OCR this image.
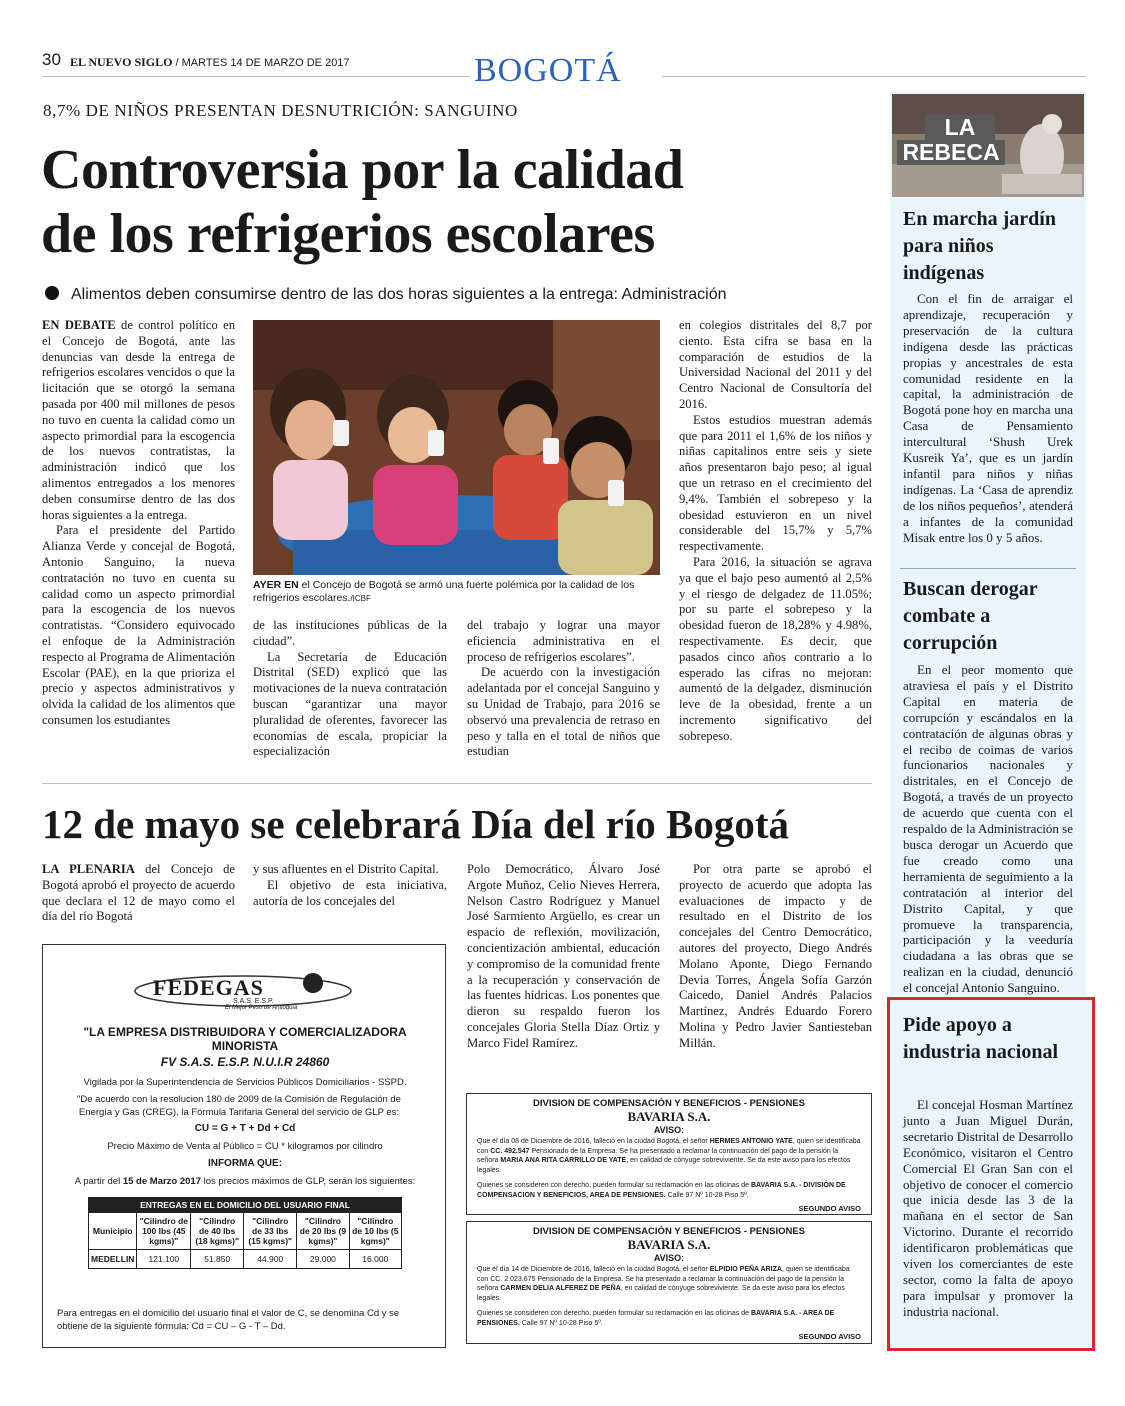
30 EL NUEVO SIGLO / MARTES 14 DE MARZO DE 2017	BOGOTÁ
8,7% DE NIÑOS PRESENTAN DESNUTRICIÓN: SANGUINO
Controversia por la calidad
de los refrigerios escolares
Alimentos deben consumirse dentro de las dos horas siguientes a la entrega: Administración

EN DEBATE de control político en el Concejo de Bogotá, ante las denuncias van desde la entrega de refrigerios escolares vencidos o que la licitación que se otorgó la semana pasada por 400 mil millones de pesos no tuvo en cuenta la calidad como un aspecto primordial para la escogencia de los nuevos contratistas, la administración indicó que los alimentos entregados a los menores deben consumirse dentro de las dos horas siguientes a la entrega.

Para el presidente del Partido Alianza Verde y concejal de Bogotá, Antonio Sanguino, la nueva contratación no tuvo en cuenta su calidad como un aspecto primordial para la escogencia de los nuevos contratistas. “Considero equivocado el enfoque de la Administración respecto al Programa de Alimentación Escolar (PAE), en la que prioriza el precio y aspectos administrativos y olvida la calidad de los alimentos que consumen los estudiantes

AYER EN el Concejo de Bogotá se armó una fuerte polémica por la calidad de los refrigerios escolares./ICBF

de las instituciones públicas de la ciudad”.

La Secretaría de Educación Distrital (SED) explicó que las motivaciones de la nueva contratación buscan “garantizar una mayor pluralidad de oferentes, favorecer las economías de escala, propiciar la especialización

del trabajo y lograr una mayor eficiencia administrativa en el proceso de refrigerios escolares”.

De acuerdo con la investigación adelantada por el concejal Sanguino y su Unidad de Trabajo, para 2016 se observó una prevalencia de retraso en peso y talla en el total de niños que estudian

en colegios distritales del 8,7 por ciento. Esta cifra se basa en la comparación de estudios de la Universidad Nacional del 2011 y del Centro Nacional de Consultoría del 2016.

Estos estudios muestran además que para 2011 el 1,6% de los niños y niñas capitalinos entre seis y siete años presentaron bajo peso; al igual que un retraso en el crecimiento del 9,4%. También el sobrepeso y la obesidad estuvieron en un nivel considerable del 15,7% y 5,7% respectivamente.

Para 2016, la situación se agrava ya que el bajo peso aumentó al 2,5% y el riesgo de delgadez de 11.05%; por su parte el sobrepeso y la obesidad fueron de 18,28% y 4.98%, respectivamente. Es decir, que pasados cinco años contrario a lo esperado las cifras no mejoran: aumentó de la delgadez, disminución leve de la obesidad, frente a un incremento significativo del sobrepeso.

12 de mayo se celebrará Día del río Bogotá

LA PLENARIA del Concejo de Bogotá aprobó el proyecto de acuerdo que declara el 12 de mayo como el día del río Bogotá

y sus afluentes en el Distrito Capital.

El objetivo de esta iniciativa, autoría de los concejales del

Polo Democrático, Álvaro José Argote Muñoz, Celio Nieves Herrera, Nelson Castro Rodríguez y Manuel José Sarmiento Argüello, es crear un espacio de reflexión, movilización, concientización ambiental, educación y compromiso de la comunidad frente a la recuperación y conservación de las fuentes hídricas. Los ponentes que dieron su respaldo fueron los concejales Gloria Stella Díaz Ortiz y Marco Fidel Ramírez.

Por otra parte se aprobó el proyecto de acuerdo que adopta las evaluaciones de impacto y de resultado en el Distrito de los concejales del Centro Democrático, autores del proyecto, Diego Andrés Molano Aponte, Diego Fernando Devia Torres, Ángela Sofía Garzón Caicedo, Daniel Andrés Palacios Martínez, Andrés Eduardo Forero Molina y Pedro Javier Santiesteban Millán.

FEDEGAS
S.A.S. E.S.P.
El Mejor Peso de Antioquia
"LA EMPRESA DISTRIBUIDORA Y COMERCIALIZADORA MINORISTA
FV S.A.S. E.S.P. N.U.I.R 24860
Vigilada por la Superintendencia de Servicios Públicos Domiciliarios - SSPD.
"De acuerdo con la resolucion 180 de 2009 de la Comisión de Regulación de Energía y Gas (CREG), la Fórmula Tarifaria General del servicio de GLP es:
CU = G + T + Dd + Cd
Precio Máximo de Venta al Público = CU * kilogramos por cilindro
INFORMA QUE:
A partir del 15 de Marzo 2017 los precios máximos de GLP, serán los siguientes:
ENTREGAS EN EL DOMICILIO DEL USUARIO FINAL					
Municipio	"Cilindro de 100 lbs (45 kgms)"	"Cilindro de 40 lbs (18 kgms)"	"Cilindro de 33 lbs (15 kgms)"	"Cilindro de 20 lbs (9 kgms)"	"Cilindro de 10 lbs (5 kgms)"
MEDELLIN	121.100	51.850	44.900	29.000	16.000
Para entregas en el domicilio del usuario final el valor de C, se denomina Cd y se obtiene de la siguiente fórmula: Cd = CU – G - T – Dd.
DIVISION DE COMPENSACIÓN Y BENEFICIOS - PENSIONES
BAVARIA S.A.
AVISO:
Que el día 08 de Diciembre de 2016, falleció en la ciudad Bogotá, el señor HERMES ANTONIO YATE, quien se identificaba con CC. 492.547 Pensionado de la Empresa. Se ha presentado a reclamar la continuación del pago de la pensión la señora MARIA ANA RITA CARRILLO DE YATE, en calidad de cónyuge sobreviviente. Se da este aviso para los efectos legales.
Quienes se consideren con derecho, pueden formular su reclamación en las oficinas de BAVARIA S.A. - DIVISIÓN DE COMPENSACION Y BENEFICIOS, AREA DE PENSIONES. Calle 97 Nº 10-28 Piso 5º.
SEGUNDO AVISO
DIVISION DE COMPENSACIÓN Y BENEFICIOS - PENSIONES
BAVARIA S.A.
AVISO:
Que el día 14 de Diciembre de 2016, falleció en la ciudad Bogotá, el señor ELPIDIO PEÑA ARIZA, quien se identificaba con CC. 2.023.675 Pensionado de la Empresa. Se ha presentado a reclamar la continuación del pago de la pensión la señora CARMEN DELIA ALFEREZ DE PEÑA, en calidad de cónyuge sobreviviente. Se da este aviso para los efectos legales.
Quienes se consideren con derecho, pueden formular su reclamación en las oficinas de BAVARIA S.A. - AREA DE PENSIONES. Calle 97 Nº 10-28 Piso 5º.
SEGUNDO AVISO
LA
REBECA
En marcha jardín para niños indígenas

Con el fin de arraigar el aprendizaje, recuperación y preservación de la cultura indígena desde las prácticas propias y ancestrales de esta comunidad residente en la capital, la administración de Bogotá pone hoy en marcha una Casa de Pensamiento intercultural ‘Shush Urek Kusreik Ya’, que es un jardín infantil para niños y niñas indígenas. La ‘Casa de aprendiz de los niños pequeños’, atenderá a infantes de la comunidad Misak entre los 0 y 5 años.

Buscan derogar combate a corrupción

En el peor momento que atraviesa el país y el Distrito Capital en materia de corrupción y escándalos en la contratación de algunas obras y el recibo de coimas de varios funcionarios nacionales y distritales, en el Concejo de Bogotá, a través de un proyecto de acuerdo que cuenta con el respaldo de la Administración se busca derogar un Acuerdo que fue creado como una herramienta de seguimiento a la contratación al interior del Distrito Capital, y que promueve la transparencia, participación y la veeduría ciudadana a las obras que se realizan en la ciudad, denunció el concejal Antonio Sanguino.

Pide apoyo a industria nacional

El concejal Hosman Martínez junto a Juan Miguel Durán, secretario Distrital de Desarrollo Económico, visitaron el Centro Comercial El Gran San con el objetivo de conocer el comercio que inicia desde las 3 de la mañana en el sector de San Victorino. Durante el recorrido identificaron problemáticas que viven los comerciantes de este sector, como la falta de apoyo para impulsar y promover la industria nacional.
